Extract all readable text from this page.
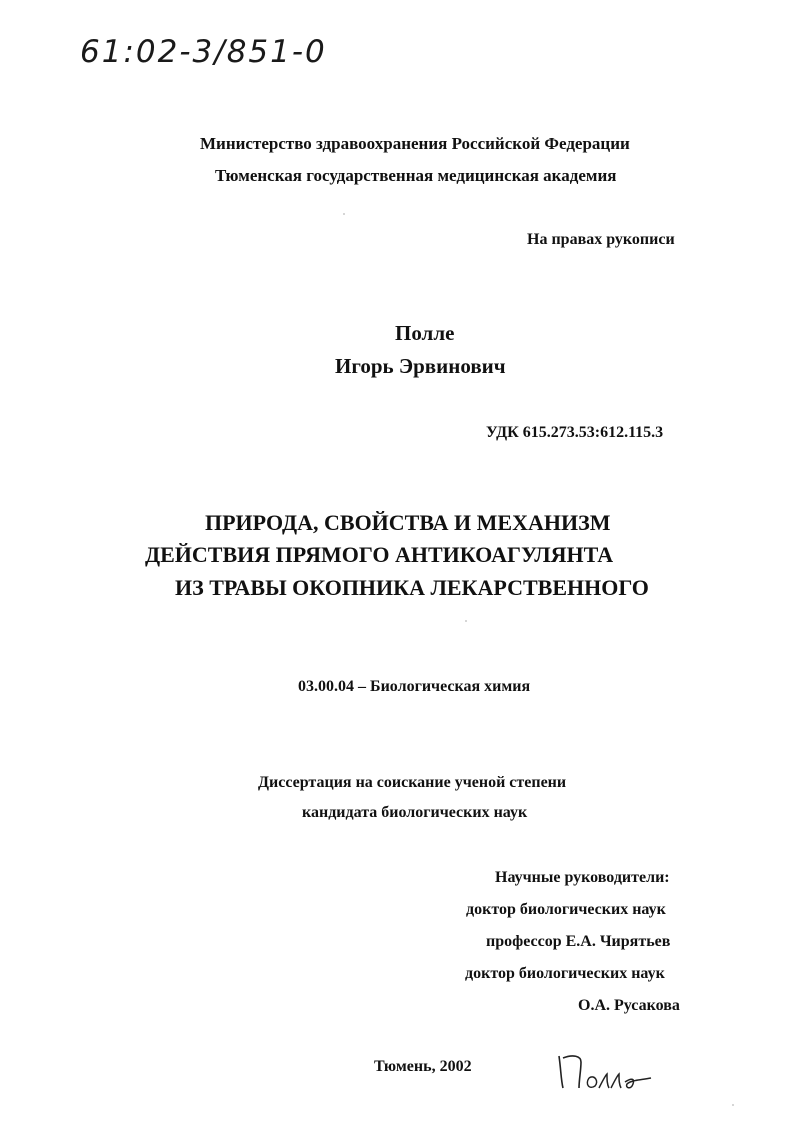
61:02-3/851-0
Министерство здравоохранения Российской Федерации
Тюменская государственная медицинская академия
На правах рукописи
Полле
Игорь Эрвинович
УДК 615.273.53:612.115.3
ПРИРОДА, СВОЙСТВА И МЕХАНИЗМ
ДЕЙСТВИЯ ПРЯМОГО АНТИКОАГУЛЯНТА
ИЗ ТРАВЫ ОКОПНИКА ЛЕКАРСТВЕННОГО
03.00.04 – Биологическая химия
Диссертация на соискание ученой степени
кандидата биологических наук
Научные руководители:
доктор биологических наук
профессор Е.А. Чирятьев
доктор биологических наук
О.А. Русакова
Тюмень, 2002
